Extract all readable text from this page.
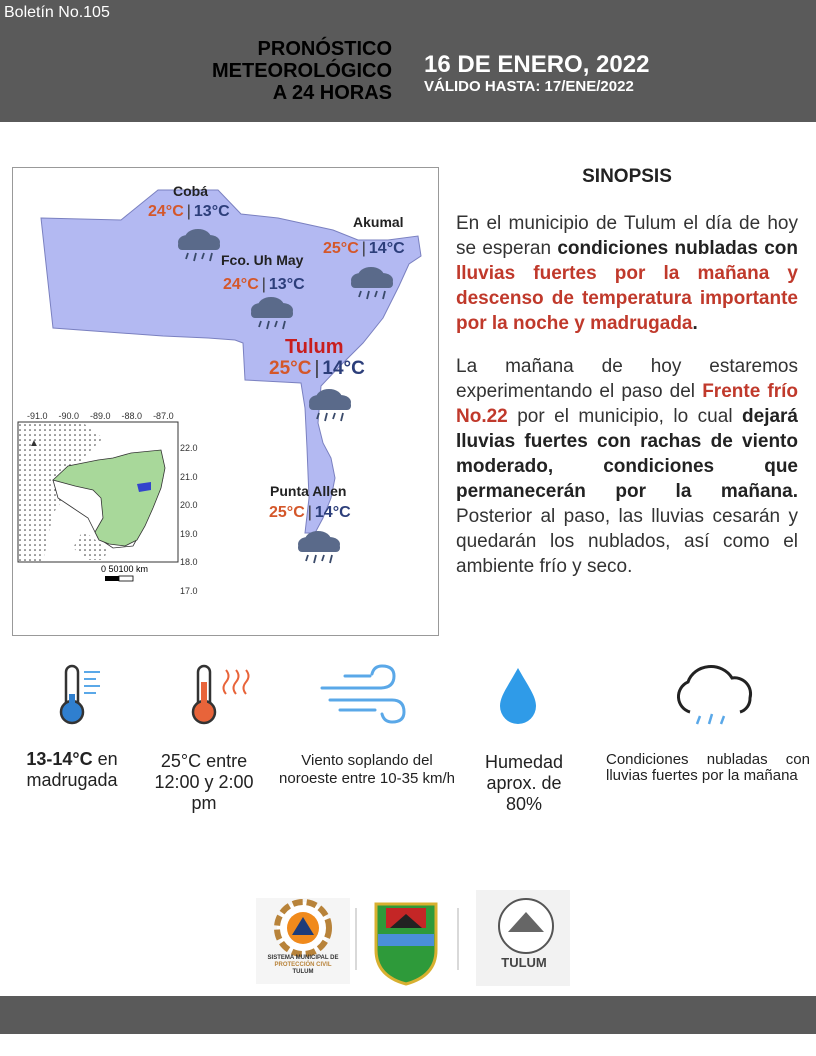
Boletín No.105
PRONÓSTICO
METEOROLÓGICO
A 24 HORAS
16 DE ENERO, 2022
VÁLIDO HASTA: 17/ENE/2022
▲
-91.0 -90.0 -89.0 -88.0 -87.0
22.0
21.0
20.0
19.0
18.0
17.0
0 50100 km
Cobá
24°C | 13°C
Akumal
25°C | 14°C
Fco. Uh May
24°C | 13°C
Tulum
25°C | 14°C
Punta Allen
25°C | 14°C
SINOPSIS

En el municipio de Tulum el día de hoy se esperan condiciones nubladas con lluvias fuertes por la mañana y descenso de temperatura importante por la noche y madrugada.

La mañana de hoy estaremos experimentando el paso del Frente frío No.22 por el municipio, lo cual dejará lluvias fuertes con rachas de viento moderado, condiciones que permanecerán por la mañana. Posterior al paso, las lluvias cesarán y quedarán los nublados, así como el ambiente frío y seco.

13-14°C en madrugada
25°C entre 12:00 y 2:00 pm
Viento soplando del noroeste entre 10-35 km/h
Humedad aprox. de 80%
Condiciones nubladas con lluvias fuertes por la mañana
SISTEMA MUNICIPAL DE
PROTECCIÓN CIVIL
TULUM
TULUM
